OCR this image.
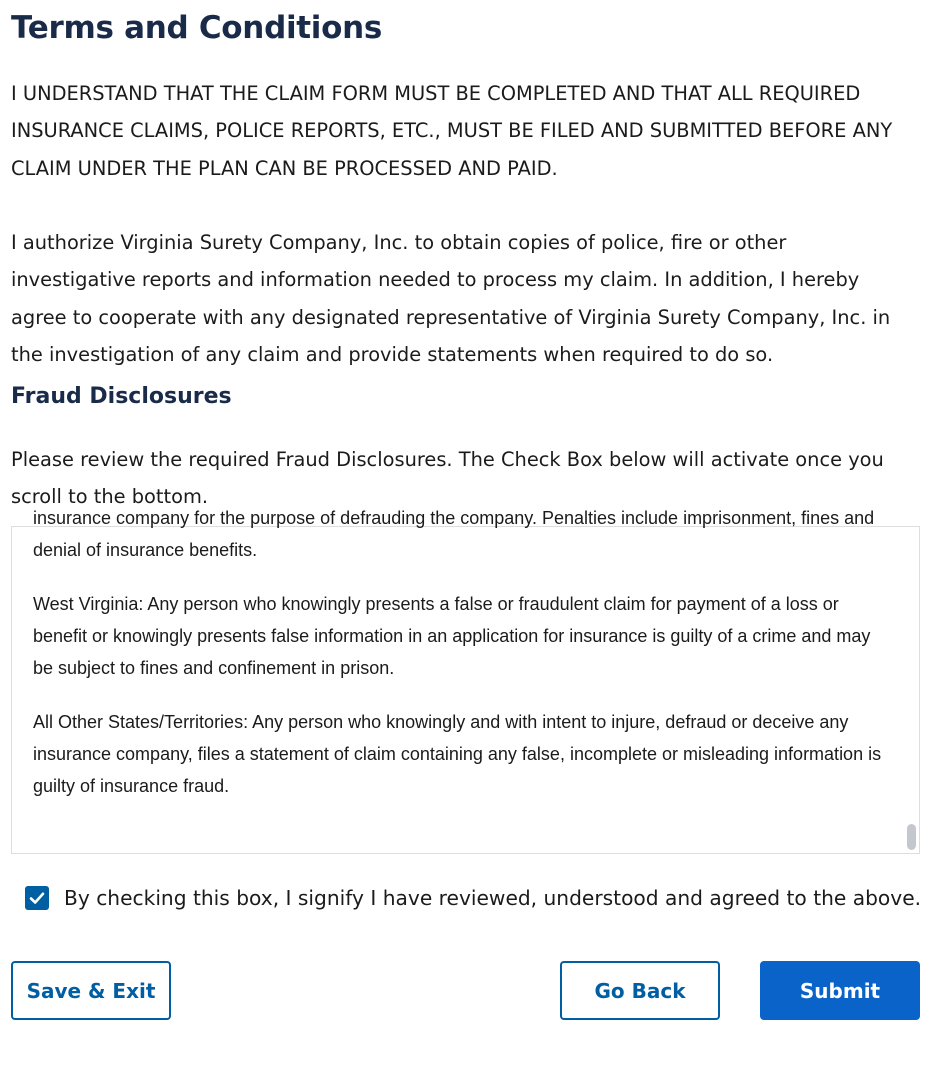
Terms and Conditions

I UNDERSTAND THAT THE CLAIM FORM MUST BE COMPLETED AND THAT ALL REQUIRED INSURANCE CLAIMS, POLICE REPORTS, ETC., MUST BE FILED AND SUBMITTED BEFORE ANY CLAIM UNDER THE PLAN CAN BE PROCESSED AND PAID.

I authorize Virginia Surety Company, Inc. to obtain copies of police, fire or other investigative reports and information needed to process my claim. In addition, I hereby agree to cooperate with any designated representative of Virginia Surety Company, Inc. in the investigation of any claim and provide statements when required to do so.

Fraud Disclosures

Please review the required Fraud Disclosures. The Check Box below will activate once you scroll to the bottom.

insurance company for the purpose of defrauding the company. Penalties include imprisonment, fines and denial of insurance benefits.

West Virginia: Any person who knowingly presents a false or fraudulent claim for payment of a loss or benefit or knowingly presents false information in an application for insurance is guilty of a crime and may be subject to fines and confinement in prison.

All Other States/Territories: Any person who knowingly and with intent to injure, defraud or deceive any insurance company, files a statement of claim containing any false, incomplete or misleading information is guilty of insurance fraud.

By checking this box, I signify I have reviewed, understood and agreed to the above.
Save & Exit	Go Back	Submit
